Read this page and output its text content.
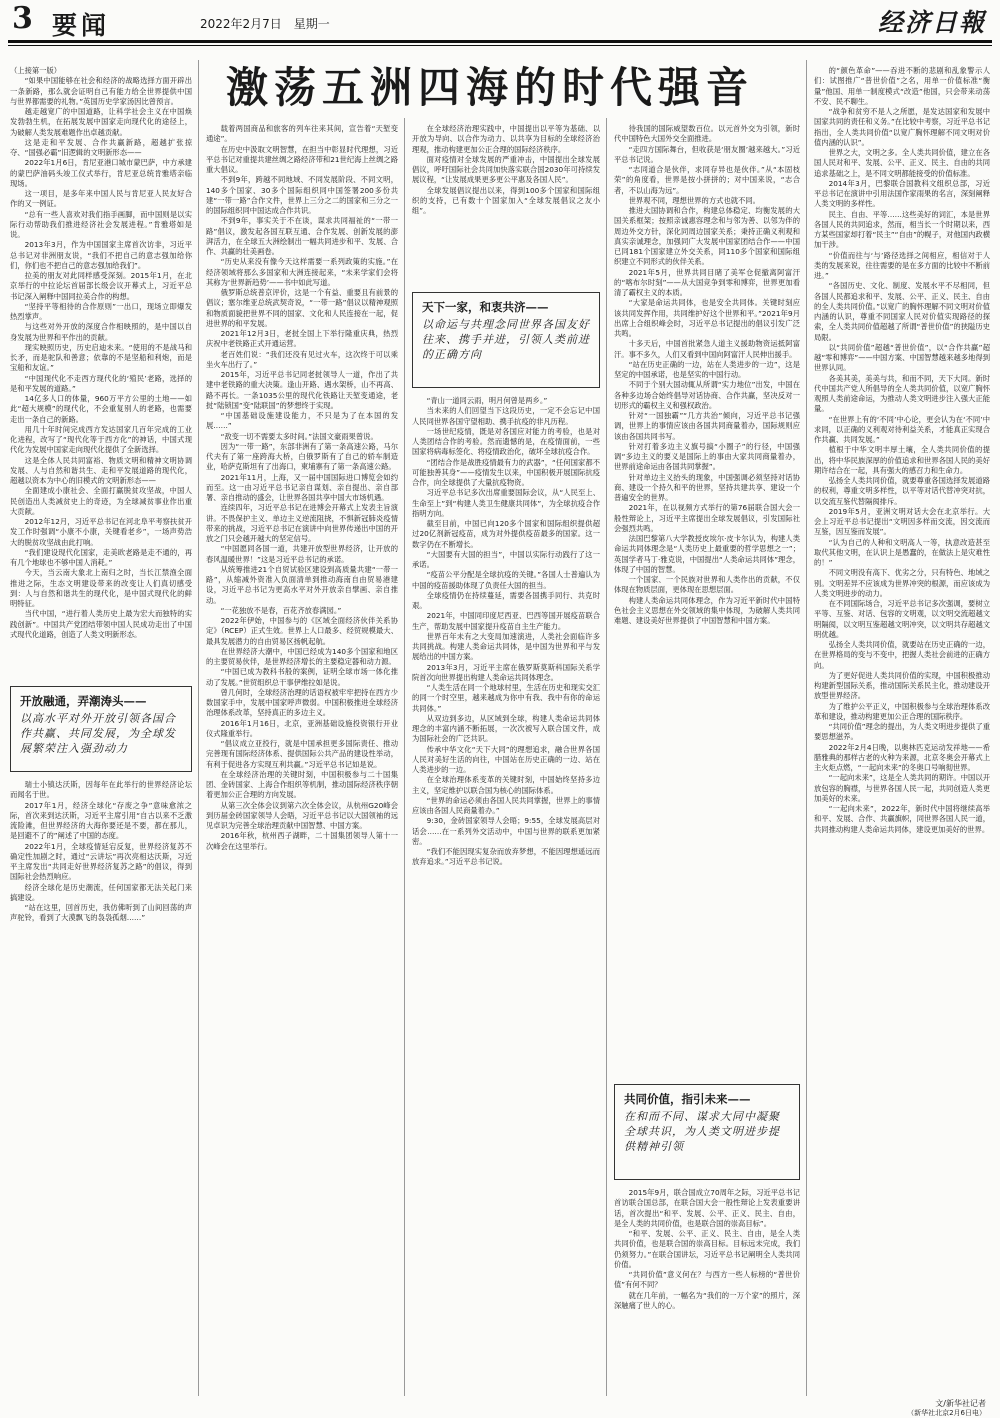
3 要闻	2022年2月7日　星期一	经济日報
激荡五洲四海的时代强音

（上接第一版）

“如果中国能够在社会和经济的战略选择方面开辟出一条新路，那么就会证明自己有能力给全世界提供中国与世界都需要的礼物。”英国历史学家汤因比曾预言。

越走越宽广的中国道路，让科学社会主义在中国焕发勃勃生机，在拓展发展中国家走向现代化的途径上，为破解人类发展难题作出卓越贡献。

这是走和平发展、合作共赢新路，超越扩张掠夺、“国强必霸”旧逻辑的文明新形态——

2022年1月6日，肯尼亚港口城市蒙巴萨，中方承建的蒙巴萨油码头竣工仪式举行，肯尼亚总统肯雅塔亲临现场。

这一项目，是多年来中国人民与肯尼亚人民友好合作的又一例证。

“总有一些人喜欢对我们指手画脚，而中国则是以实际行动帮助我们推进经济社会发展进程。”肯雅塔如是说。

2013年3月，作为中国国家主席首次访非，习近平总书记对非洲朋友说，“我们不把自己的意志强加给你们，你们也不把自己的意志强加给我们”。

拉美的朋友对此同样感受深刻。2015年1月，在北京举行的中拉论坛首届部长级会议开幕式上，习近平总书记深入阐释中国同拉美合作的构想。

“坚持平等相待的合作原则”一出口，现场立即爆发热烈掌声。

与这些对外开放的深度合作相映照的，是中国以自身发展为世界和平作出的贡献。

现实映照历史，历史启迪未来。“使用的不是战马和长矛，而是驼队和善意；依靠的不是坚船和利炮，而是宝船和友谊。”

“中国现代化不走西方现代化的‘殖民’老路，选择的是和平发展的道路。”

14亿多人口的体量，960万平方公里的土地——如此“超大规模”的现代化，不会重复别人的老路，也需要走出一条自己的新路。

用几十年时间完成西方发达国家几百年完成的工业化进程，改写了“现代化等于西方化”的神话，中国式现代化为发展中国家走向现代化提供了全新选择。

这是全体人民共同富裕、物质文明和精神文明协调发展、人与自然和谐共生、走和平发展道路的现代化，超越以资本为中心的旧模式的文明新形态——

全面建成小康社会、全面打赢脱贫攻坚战，中国人民创造出人类减贫史上的奇迹，为全球减贫事业作出重大贡献。

2012年12月，习近平总书记在河北阜平考察扶贫开发工作时强调“小康不小康，关键看老乡”，一场声势浩大的脱贫攻坚战由此打响。

“我们建设现代化国家，走美欧老路是走不通的，再有几个地球也不够中国人消耗。”

今天，当云南大象北上南归之时，当长江禁渔全面推进之际，生态文明建设带来的改变让人们真切感受到：人与自然和谐共生的现代化，是中国式现代化的鲜明特征。

当代中国，“进行着人类历史上最为宏大而独特的实践创新”。中国共产党团结带领中国人民成功走出了中国式现代化道路，创造了人类文明新形态。

开放融通，弄潮涛头——
以高水平对外开放引领各国合作共赢、共同发展，为全球发展繁荣注入强劲动力

瑞士小镇达沃斯，因每年在此举行的世界经济论坛而闻名于世。

2017年1月，经济全球化“存废之争”意味愈浓之际，首次来到达沃斯，习近平主席引用“自古以来不乏激流险滩，但世界经济的大海你要还是不要，都在那儿，是回避不了的”阐述了中国的态度。

2022年1月，全球疫情延宕反复，世界经济复苏不确定性加剧之时，通过“云讲坛”再次亮相达沃斯，习近平主席发出“共同走好世界经济复苏之路”的倡议，得到国际社会热烈响应。

经济全球化是历史潮流，任何国家都无法关起门来搞建设。

“站在这里，回首历史，我仿佛听到了山间回荡的声声驼铃，看到了大漠飘飞的袅袅孤烟……”

载着两国商品和旅客的列车往来其间，宣告着“天堑变通途”。

在历史中汲取文明智慧，在担当中彰显时代理想，习近平总书记对重提共建丝绸之路经济带和21世纪海上丝绸之路重大倡议。

不到9年，跨越不同地域、不同发展阶段、不同文明，140多个国家、30多个国际组织同中国签署200多份共建“一带一路”合作文件，世界上三分之二的国家和三分之一的国际组织同中国达成合作共识。

不到9年，事实关于不在谈，谋求共同福祉的“一带一路”倡议，激发起各国互联互通、合作发展、创新发展的澎湃活力，在全球五大洲绘制出一幅共同进步和平、发展、合作、共赢的壮美画卷。

“历史从来没有像今天这样需要一系列政策的实施。”在经济领域将那么多国家和大洲连接起来，“未来学家们会将其称为‘世界新趋势’——书中如此写道。

俄罗斯总统普京评价，这是一个有益、重要且有前景的倡议；塞尔维亚总统武契奇说，“一带一路”倡议以精神观照和物质面貌把世界不同的国家、文化和人民连接在一起，促进世界的和平发展。

2021年12月3日，老挝全国上下举行隆重庆典，热烈庆祝中老铁路正式开通运营。

老百姓们说：“我们还没有见过火车，这次终于可以乘坐火车出行了。”

2015年，习近平总书记同老挝领导人一道，作出了共建中老铁路的重大决策。逢山开路、遇水架桥，山不再高、路不再长。一条1035公里的现代化铁路让天堑变通途，老挝“陆锁国”变“陆联国”的梦想终于实现。

“中国基础设施建设能力，不只是为了在本国的发展……”

“敌变一切不需要太多时间。”法国文豪雨果曾说。

因为“一带一路”，东部非洲有了第一条高速公路，马尔代夫有了第一座跨海大桥，白俄罗斯有了自己的轿车制造业，哈萨克斯坦有了出海口，柬埔寨有了第一条高速公路。

2021年11月，上海，又一届中国国际进口博览会如约而至。这一由习近平总书记亲自谋划、亲自提出、亲自部署、亲自推动的盛会，让世界各国共享中国大市场机遇。

连续四年，习近平总书记在进博会开幕式上发表主旨演讲。不畏保护主义、单边主义逆流阻挠，不惧新冠肺炎疫情带来的挑战，习近平总书记在演讲中向世界传递出中国的开放之门只会越开越大的坚定信号。

“中国愿同各国一道，共建开放型世界经济，让开放的春风温暖世界！”这是习近平总书记的承诺。

从统筹推进21个自贸试验区建设到高质量共建“一带一路”，从缩减外资准入负面清单到推动海南自由贸易港建设，习近平总书记为更高水平对外开放亲自擘画、亲自推动。

“一花独放不是春，百花齐放春满园。”

2022年伊始，中国参与的《区域全面经济伙伴关系协定》（RCEP）正式生效。世界上人口最多、经贸规模最大、最具发展潜力的自由贸易区扬帆起航。

在世界经济大潮中，中国已经成为140多个国家和地区的主要贸易伙伴，是世界经济增长的主要稳定器和动力源。

“中国已成为教科书般的案例，证明全球市场一体化推动了发展。”世贸组织总干事伊维拉如是说。

曾几何时，全球经济治理的话语权被牢牢把持在西方少数国家手中，发展中国家呼声微弱。中国积极推进全球经济治理体系改革，坚持真正的多边主义。

2016年1月16日，北京，亚洲基础设施投资银行开业仪式隆重举行。

“倡议成立亚投行，就是中国承担更多国际责任、推动完善现有国际经济体系、提供国际公共产品的建设性举动，有利于促进各方实现互利共赢。”习近平总书记如是说。

在全球经济治理的关键时刻，中国积极参与二十国集团、金砖国家、上海合作组织等机制，推动国际经济秩序朝着更加公正合理的方向发展。

从第三次全体会议到第六次全体会议，从杭州G20峰会到历届金砖国家领导人会晤，习近平总书记以大国领袖的远见卓识为完善全球治理贡献中国智慧、中国方案。

2016年秋，杭州西子湖畔，二十国集团领导人第十一次峰会在这里举行。

在全球经济治理实践中，中国提出以平等为基础、以开放为导向、以合作为动力、以共享为目标的全球经济治理观，推动构建更加公正合理的国际经济秩序。

面对疫情对全球发展的严重冲击，中国提出全球发展倡议，呼吁国际社会共同加快落实联合国2030年可持续发展议程，“让发展成果更多更公平惠及各国人民”。

全球发展倡议提出以来，得到100多个国家和国际组织的支持，已有数十个国家加入“全球发展倡议之友小组”。

天下一家，和衷共济——
以命运与共理念同世界各国友好往来、携手并进，引领人类前进的正确方向

“青山一道同云雨，明月何曾是两乡。”

当未来的人们回望当下这段历史，一定不会忘记中国人民同世界各国守望相助、携手抗疫的非凡历程。

一场世纪疫情，既是对各国应对能力的考验，也是对人类团结合作的考验。然而遗憾的是，在疫情面前，一些国家将病毒标签化、将疫情政治化，破坏全球抗疫合作。

“团结合作是战胜疫情最有力的武器”，“任何国家都不可能独善其身”——疫情发生以来，中国积极开展国际抗疫合作，向全球提供了大量抗疫物资。

习近平总书记多次出席重要国际会议，从“人民至上、生命至上”到“构建人类卫生健康共同体”，为全球抗疫合作指明方向。

截至目前，中国已向120多个国家和国际组织提供超过20亿剂新冠疫苗，成为对外提供疫苗最多的国家。这一数字仍在不断增长。

“大国要有大国的担当”，中国以实际行动践行了这一承诺。

“疫苗公平分配是全球抗疫的关键。”各国人士普遍认为中国的疫苗援助体现了负责任大国的担当。

全球疫情仍在持续蔓延，需要各国携手同行、共克时艰。

2021年，中国同印度尼西亚、巴西等国开展疫苗联合生产，帮助发展中国家提升疫苗自主生产能力。

世界百年未有之大变局加速演进，人类社会面临许多共同挑战。构建人类命运共同体，是中国为世界和平与发展给出的中国方案。

2013年3月，习近平主席在俄罗斯莫斯科国际关系学院首次向世界提出构建人类命运共同体理念。

“人类生活在同一个地球村里，生活在历史和现实交汇的同一个时空里，越来越成为你中有我、我中有你的命运共同体。”

从双边到多边，从区域到全球，构建人类命运共同体理念的丰富内涵不断拓展，一次次被写入联合国文件，成为国际社会的广泛共识。

传承中华文化“天下大同”的理想追求，融合世界各国人民对美好生活的向往，中国站在历史正确的一边、站在人类进步的一边。

在全球治理体系变革的关键时刻，中国始终坚持多边主义，坚定维护以联合国为核心的国际体系。

“世界的命运必须由各国人民共同掌握，世界上的事情应该由各国人民商量着办。”

9:30，金砖国家领导人会晤；9:55，全球发展高层对话会……在一系列外交活动中，中国与世界的联系更加紧密。

“我们不能因现实复杂而放弃梦想，不能因理想遥远而放弃追求。”习近平总书记说。

待我国的国际威望数百位。以元首外交为引领，新时代中国特色大国外交全面推进。

“走四方国际舞台，但收获是‘朋友圈’越来越大。”习近平总书记说。

“志同道合是伙伴，求同存异也是伙伴。”从“本固枝荣”的角度看，世界是按小拼拼的；对中国来说，“志合者，不以山海为远”。

世界观不同，理想世界的方式也就不同。

推进大国协调和合作，构建总体稳定、均衡发展的大国关系框架；按照亲诚惠容理念和与邻为善、以邻为伴的周边外交方针，深化同周边国家关系；秉持正确义利观和真实亲诚理念，加强同广大发展中国家团结合作——中国已同181个国家建立外交关系，同110多个国家和国际组织建立不同形式的伙伴关系。

2021年5月，世界共同目睹了美军仓促撤离阿富汗的“喀布尔时刻”——从大国竞争到零和博弈，世界更加看清了霸权主义的本质。

“大家是命运共同体，也是安全共同体。关键时刻应该共同发挥作用，共同维护好这个世界和平。”2021年9月出席上合组织峰会时，习近平总书记提出的倡议引发广泛共鸣。

十多天后，中国首批紧急人道主义援助物资运抵阿富汗。事不多久，人们又看到中国向阿富汗人民伸出援手。

“站在历史正确的一边，站在人类进步的一边”，这是坚定的中国承诺，也是坚实的中国行动。

不同于个别大国动辄从所谓“实力地位”出发，中国在各种多边场合始终倡导对话协商、合作共赢，坚决反对一切形式的霸权主义和强权政治。

针对“一国独霸”“几方共治”倾向，习近平总书记强调，世界上的事情应该由各国共同商量着办，国际规则应该由各国共同书写。

针对打着多边主义旗号搞“小圈子”的行径，中国强调“多边主义的要义是国际上的事由大家共同商量着办，世界前途命运由各国共同掌握”。

针对单边主义抬头的现象，中国强调必须坚持对话协商、建设一个持久和平的世界，坚持共建共享、建设一个普遍安全的世界。

2021年，在以视频方式举行的第76届联合国大会一般性辩论上，习近平主席提出全球发展倡议，引发国际社会强烈共鸣。

法国巴黎第八大学教授皮埃尔·皮卡尔认为，构建人类命运共同体理念是“人类历史上最重要的哲学思想之一”；英国学者马丁·雅克说，中国提出“人类命运共同体”理念，体现了中国的智慧。

一个国家、一个民族对世界和人类作出的贡献，不仅体现在物质层面，更体现在思想层面。

构建人类命运共同体理念，作为习近平新时代中国特色社会主义思想在外交领域的集中体现，为破解人类共同难题、建设美好世界提供了中国智慧和中国方案。

共同价值，指引未来——
在和而不同、谋求大同中凝聚全球共识，为人类文明进步提供精神引领

2015年9月，联合国成立70周年之际，习近平总书记首访联合国总部，在联合国大会一般性辩论上发表重要讲话，首次提出“和平、发展、公平、正义、民主、自由，是全人类的共同价值，也是联合国的崇高目标”。

“和平、发展、公平、正义、民主、自由，是全人类共同价值，也是联合国的崇高目标。目标远未完成，我们仍须努力。”在联合国讲坛，习近平总书记阐明全人类共同价值。

“共同价值”意义何在？与西方一些人标榜的“普世价值”有何不同？

就在几年前，一幅名为“我们的一万个家”的照片，深深触痛了世人的心。

的“颜色革命”——吞进不断的悲剧和乱象警示人们：试图推广“普世价值”之名，用单一价值标准“衡量”他国、用单一制度模式“改造”他国，只会带来动荡不安、民不聊生。

“战争和贫穷不是人之所愿，是发达国家和发展中国家共同的责任和义务。”在比较中考察，习近平总书记指出，全人类共同价值“以宽广胸怀理解不同文明对价值内涵的认识”。

世界之大，文明之多。全人类共同价值，建立在各国人民对和平、发展、公平、正义、民主、自由的共同追求基础之上，是不同文明都能接受的价值标准。

2014年3月，巴黎联合国教科文组织总部，习近平总书记在演讲中引用法国作家雨果的名言，深刻阐释人类文明的多样性。

民主、自由、平等……这些美好的词汇，本是世界各国人民的共同追求，然而，相当长一个时期以来，西方某些国家却打着“民主”“自由”的幌子，对他国内政横加干涉。

“价值而往与‘与’路径选择之间相应，相信对于人类的发展来说，往往需要的是在多方面的比较中不断前进。”

“各国历史、文化、制度、发展水平不尽相同，但各国人民都追求和平、发展、公平、正义、民主、自由的全人类共同价值。”以宽广的胸怀理解不同文明对价值内涵的认识，尊重不同国家人民对价值实现路径的探索，全人类共同价值超越了所谓“普世价值”的狭隘历史局限。

以“共同价值”超越“普世价值”，以“合作共赢”超越“零和博弈”——中国方案、中国智慧越来越多地得到世界认同。

各美其美，美美与共，和而不同，天下大同。新时代中国共产党人所倡导的全人类共同价值，以宽广胸怀观照人类前途命运，为推动人类文明进步注入强大正能量。

“在世界上有的‘不同’中心论，更会认为在‘不同’中求同，以正确的义利观对待利益关系，才能真正实现合作共赢、共同发展。”

植根于中华文明丰厚土壤，全人类共同价值的提出，将中华民族深厚的价值追求和世界各国人民的美好期许结合在一起，具有强大的感召力和生命力。

弘扬全人类共同价值，就要尊重各国选择发展道路的权利，尊重文明多样性，以平等对话代替冲突对抗，以交流互鉴代替隔阂排斥。

2019年5月，亚洲文明对话大会在北京举行。大会上习近平总书记提出“文明因多样而交流，因交流而互鉴，因互鉴而发展”。

“认为自己的人种和文明高人一等，执意改造甚至取代其他文明，在认识上是愚蠢的，在做法上是灾难性的！”

不同文明没有高下、优劣之分，只有特色、地域之别。文明差异不应该成为世界冲突的根源，而应该成为人类文明进步的动力。

在不同国际场合，习近平总书记多次强调，要树立平等、互鉴、对话、包容的文明观，以文明交流超越文明隔阂，以文明互鉴超越文明冲突，以文明共存超越文明优越。

弘扬全人类共同价值，就要站在历史正确的一边，在世界格局的变与不变中，把握人类社会前进的正确方向。

为了更好促进人类共同价值的实现，中国积极推动构建新型国际关系，推动国际关系民主化，推动建设开放型世界经济。

为了维护公平正义，中国积极参与全球治理体系改革和建设，推动构建更加公正合理的国际秩序。

“共同价值”理念的提出，为人类文明进步提供了重要思想滋养。

2022年2月4日晚，以奥林匹克运动发祥地——希腊雅典的那样古老的火种为来源，北京冬奥会开幕式上主火炬点燃，“一起向未来”的冬奥口号响彻世界。

“一起向未来”，这是全人类共同的期许。中国以开放包容的胸襟，与世界各国人民一起，共同创造人类更加美好的未来。

“一起向未来”，2022年，新时代中国将继续高举和平、发展、合作、共赢旗帜，同世界各国人民一道，共同推动构建人类命运共同体，建设更加美好的世界。

文/新华社记者
（新华社北京2月6日电）
